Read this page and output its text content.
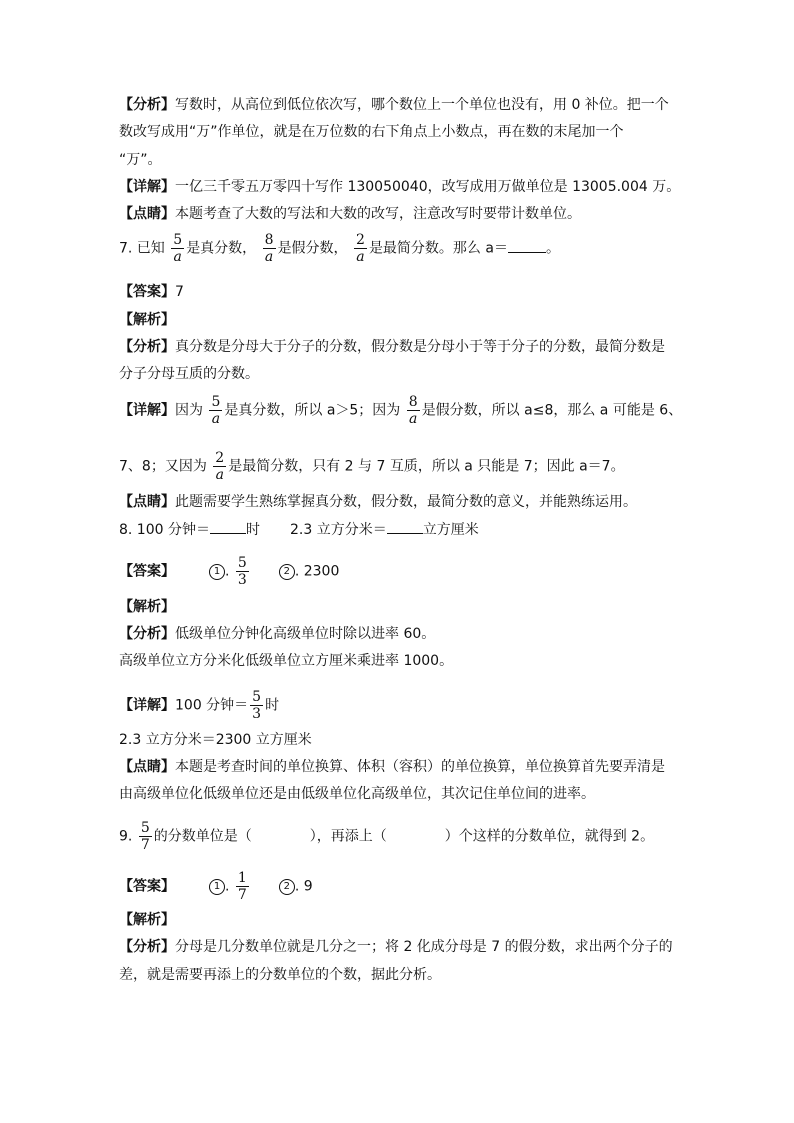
【分析】写数时，从高位到低位依次写，哪个数位上一个单位也没有，用 0 补位。把一个
数改写成用“万”作单位，就是在万位数的右下角点上小数点，再在数的末尾加一个
“万”。
【详解】一亿三千零五万零四十写作 130050040，改写成用万做单位是 13005.004 万。
【点睛】本题考查了大数的写法和大数的改写，注意改写时要带计数单位。
7. 已知 $\frac{5}{a}$ 是真分数， $\frac{8}{a}$ 是假分数， $\frac{2}{a}$ 是最简分数。那么 a＝	。
【答案】7
【解析】
【分析】真分数是分母大于分子的分数，假分数是分母小于等于分子的分数，最简分数是
分子分母互质的分数。
【详解】因为 $\frac{5}{a}$ 是真分数，所以 a＞5；因为 $\frac{8}{a}$ 是假分数，所以 a≤8，那么 a 可能是 6、
7、8；又因为 $\frac{2}{a}$ 是最简分数，只有 2 与 7 互质，所以 a 只能是 7；因此 a＝7。
【点睛】此题需要学生熟练掌握真分数，假分数，最简分数的意义，并能熟练运用。
8. 100 分钟＝	时 2.3 立方分米＝	立方厘米
【答案】	1 . $\frac{5}{3}$	2 . 2300
【解析】
【分析】低级单位分钟化高级单位时除以进率 60。
高级单位立方分米化低级单位立方厘米乘进率 1000。
【详解】100 分钟＝ $\frac{5}{3}$ 时
2.3 立方分米＝2300 立方厘米
【点睛】本题是考查时间的单位换算、体积（容积）的单位换算，单位换算首先要弄清是
由高级单位化低级单位还是由低级单位化高级单位，其次记住单位间的进率。
9. $\frac{5}{7}$ 的分数单位是（	），再添上（	）个这样的分数单位，就得到 2。
【答案】	1 . $\frac{1}{7}$	2 . 9
【解析】
【分析】分母是几分数单位就是几分之一；将 2 化成分母是 7 的假分数，求出两个分子的
差，就是需要再添上的分数单位的个数，据此分析。
